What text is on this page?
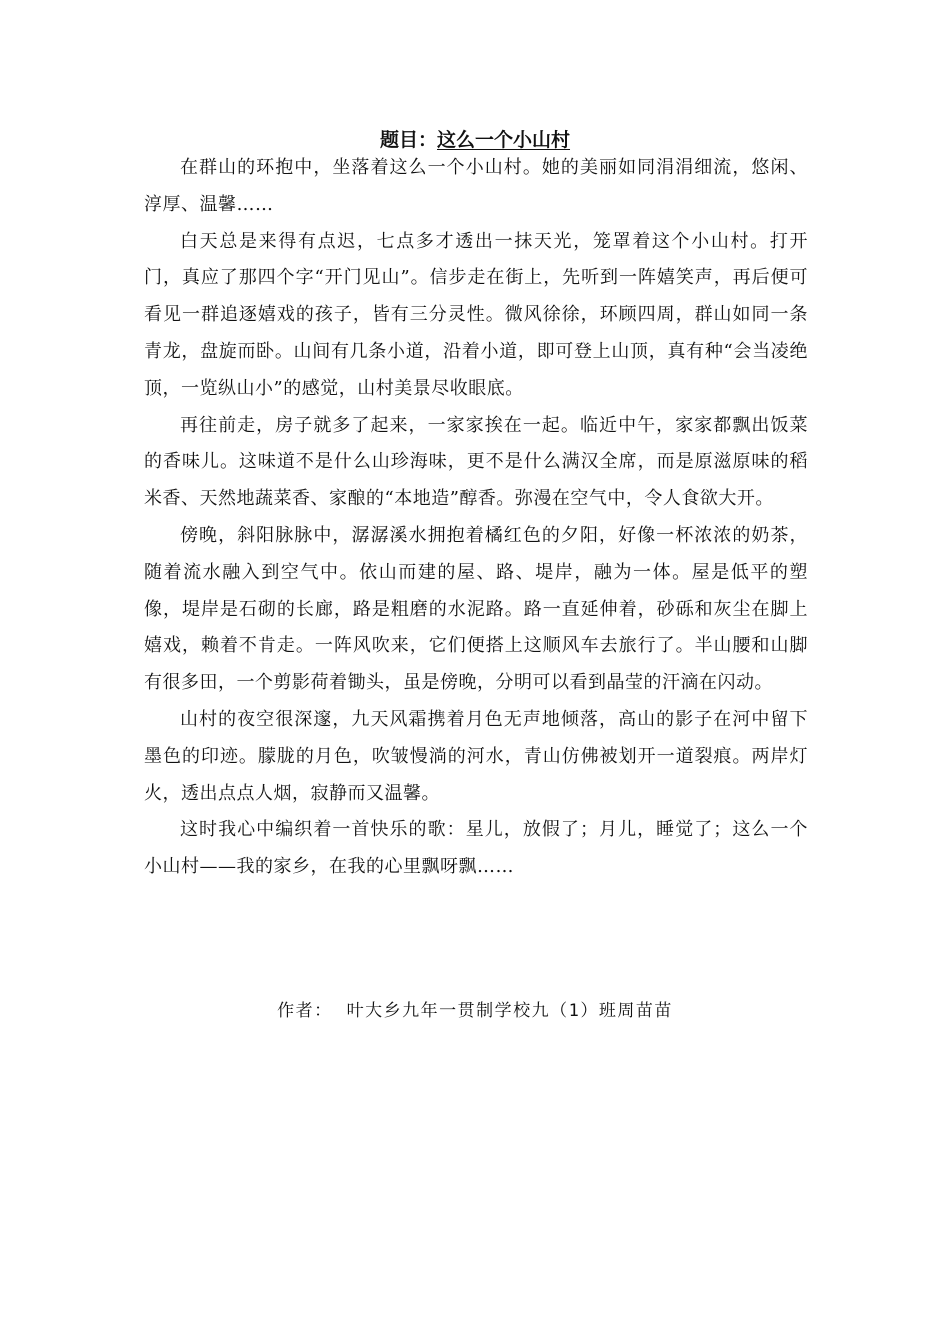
题目：这么一个小山村

在群山的环抱中，坐落着这么一个小山村。她的美丽如同涓涓细流，悠闲、淳厚、温馨……

白天总是来得有点迟，七点多才透出一抹天光，笼罩着这个小山村。打开门，真应了那四个字“开门见山”。信步走在街上，先听到一阵嬉笑声，再后便可看见一群追逐嬉戏的孩子，皆有三分灵性。微风徐徐，环顾四周，群山如同一条青龙，盘旋而卧。山间有几条小道，沿着小道，即可登上山顶，真有种“会当凌绝顶，一览纵山小”的感觉，山村美景尽收眼底。

再往前走，房子就多了起来，一家家挨在一起。临近中午，家家都飘出饭菜的香味儿。这味道不是什么山珍海味，更不是什么满汉全席，而是原滋原味的稻米香、天然地蔬菜香、家酿的“本地造”醇香。弥漫在空气中，令人食欲大开。

傍晚，斜阳脉脉中，潺潺溪水拥抱着橘红色的夕阳，好像一杯浓浓的奶茶，随着流水融入到空气中。依山而建的屋、路、堤岸，融为一体。屋是低平的塑像，堤岸是石砌的长廊，路是粗磨的水泥路。路一直延伸着，砂砾和灰尘在脚上嬉戏，赖着不肯走。一阵风吹来，它们便搭上这顺风车去旅行了。半山腰和山脚有很多田，一个剪影荷着锄头，虽是傍晚，分明可以看到晶莹的汗滴在闪动。

山村的夜空很深邃，九天风霜携着月色无声地倾落，高山的影子在河中留下墨色的印迹。朦胧的月色，吹皱慢淌的河水，青山仿佛被划开一道裂痕。两岸灯火，透出点点人烟，寂静而又温馨。

这时我心中编织着一首快乐的歌：星儿，放假了；月儿，睡觉了；这么一个小山村——我的家乡，在我的心里飘呀飘……

作者： 叶大乡九年一贯制学校九（1）班周苗苗
